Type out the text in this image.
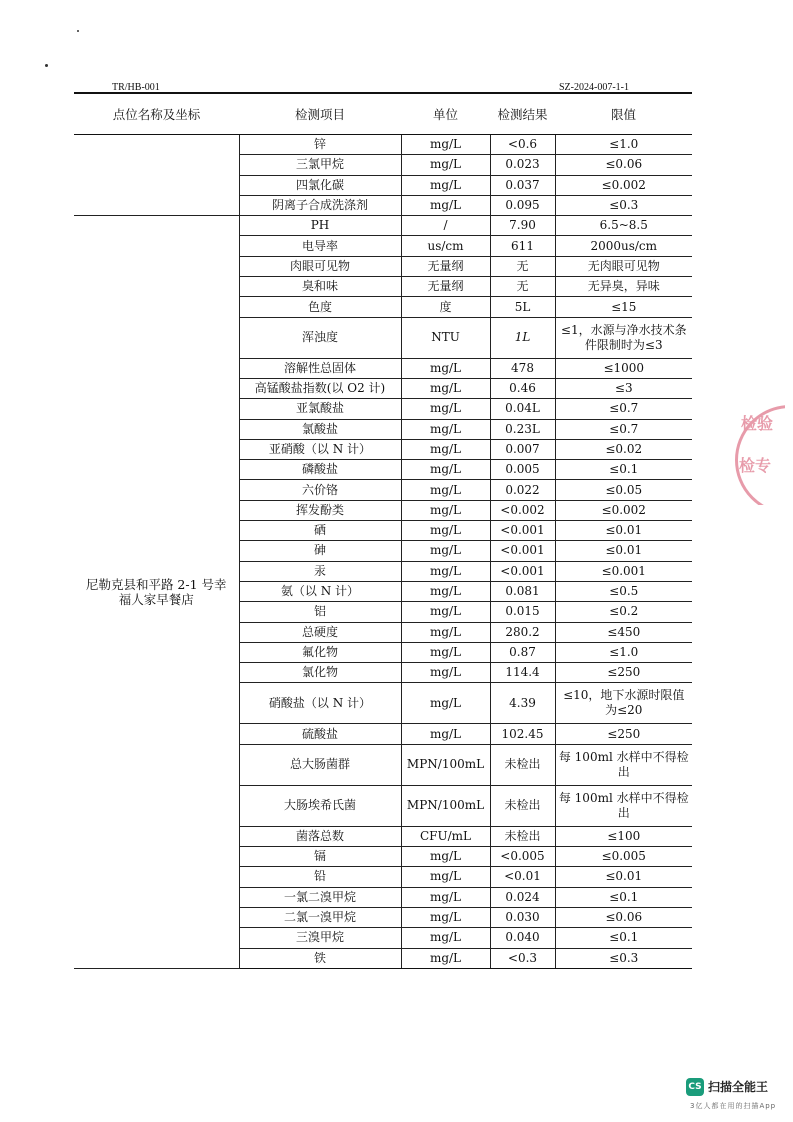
TR/HB-001	SZ-2024-007-1-1
点位名称及坐标	检测项目	单位	检测结果	限值
	锌	mg/L	<0.6	≤1.0
	三氯甲烷	mg/L	0.023	≤0.06
	四氯化碳	mg/L	0.037	≤0.002
	阴离子合成洗涤剂	mg/L	0.095	≤0.3

尼勒克县和平路 2-1 号幸
福人家早餐店	PH	/	7.90	6.5~8.5
	电导率	us/cm	611	2000us/cm
	肉眼可见物	无量纲	无	无肉眼可见物
	臭和味	无量纲	无	无异臭，异味
	色度	度	5L	≤15
	浑浊度	NTU	1L	≤1，水源与净水技术条件限制时为≤3
	溶解性总固体	mg/L	478	≤1000
	高锰酸盐指数(以 O2 计)	mg/L	0.46	≤3
	亚氯酸盐	mg/L	0.04L	≤0.7
	氯酸盐	mg/L	0.23L	≤0.7
	亚硝酸（以 N 计）	mg/L	0.007	≤0.02
	磷酸盐	mg/L	0.005	≤0.1
	六价铬	mg/L	0.022	≤0.05
	挥发酚类	mg/L	<0.002	≤0.002
	硒	mg/L	<0.001	≤0.01
	砷	mg/L	<0.001	≤0.01
	汞	mg/L	<0.001	≤0.001
	氨（以 N 计）	mg/L	0.081	≤0.5
	铝	mg/L	0.015	≤0.2
	总硬度	mg/L	280.2	≤450
	氟化物	mg/L	0.87	≤1.0
	氯化物	mg/L	114.4	≤250
	硝酸盐（以 N 计）	mg/L	4.39	≤10，地下水源时限值为≤20
	硫酸盐	mg/L	102.45	≤250
	总大肠菌群	MPN/100mL	未检出	每 100ml 水样中不得检出
	大肠埃希氏菌	MPN/100mL	未检出	每 100ml 水样中不得检出
	菌落总数	CFU/mL	未检出	≤100
	镉	mg/L	<0.005	≤0.005
	铅	mg/L	<0.01	≤0.01
	一氯二溴甲烷	mg/L	0.024	≤0.1
	二氯一溴甲烷	mg/L	0.030	≤0.06
	三溴甲烷	mg/L	0.040	≤0.1
	铁	mg/L	<0.3	≤0.3
检验
检专
CS 扫描全能王
3亿人都在用的扫描App
